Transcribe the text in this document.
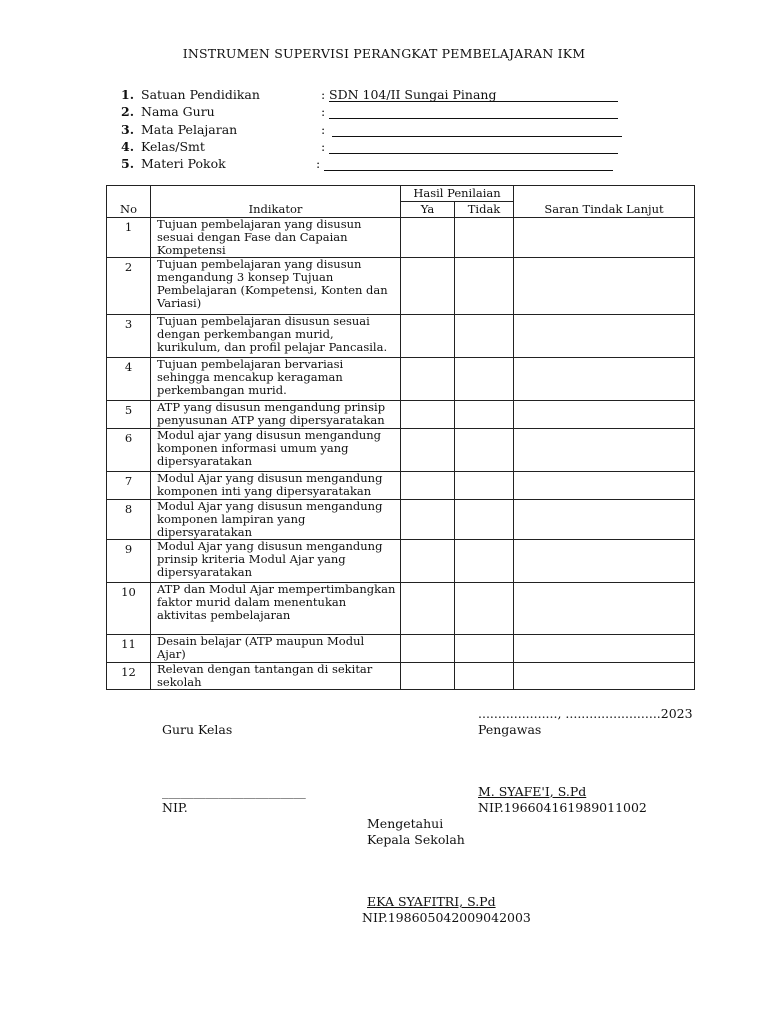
INSTRUMEN SUPERVISI PERANGKAT PEMBELAJARAN IKM
1. Satuan Pendidikan	: SDN 104/II Sungai Pinang
2. Nama Guru	:
3. Mata Pelajaran	:
4. Kelas/Smt	:
5. Materi Pokok	:
No	Indikator	Hasil Penilaian		Saran Tindak Lanjut
		Ya	Tidak	
1	Tujuan pembelajaran yang disusun sesuai dengan Fase dan Capaian Kompetensi			
2	Tujuan pembelajaran yang disusun mengandung 3 konsep Tujuan Pembelajaran (Kompetensi, Konten dan Variasi)			
3	Tujuan pembelajaran disusun sesuai dengan perkembangan murid, kurikulum, dan profil pelajar Pancasila.			
4	Tujuan pembelajaran bervariasi sehingga mencakup keragaman perkembangan murid.			
5	ATP yang disusun mengandung prinsip penyusunan ATP yang dipersyaratakan			
6	Modul ajar yang disusun mengandung komponen informasi umum yang dipersyaratakan			
7	Modul Ajar yang disusun mengandung komponen inti yang dipersyaratakan			
8	Modul Ajar yang disusun mengandung komponen lampiran yang dipersyaratakan			
9	Modul Ajar yang disusun mengandung prinsip kriteria Modul Ajar yang dipersyaratakan			
10	ATP dan Modul Ajar mempertimbangkan faktor murid dalam menentukan aktivitas pembelajaran			
11	Desain belajar (ATP maupun Modul Ajar)			
12	Relevan dengan tantangan di sekitar sekolah			
...................., ........................2023
Guru Kelas	Pengawas
_______________________	M. SYAFE'I, S.Pd
NIP.	NIP.196604161989011002
Mengetahui
Kepala Sekolah
EKA SYAFITRI, S.Pd
NIP.198605042009042003
